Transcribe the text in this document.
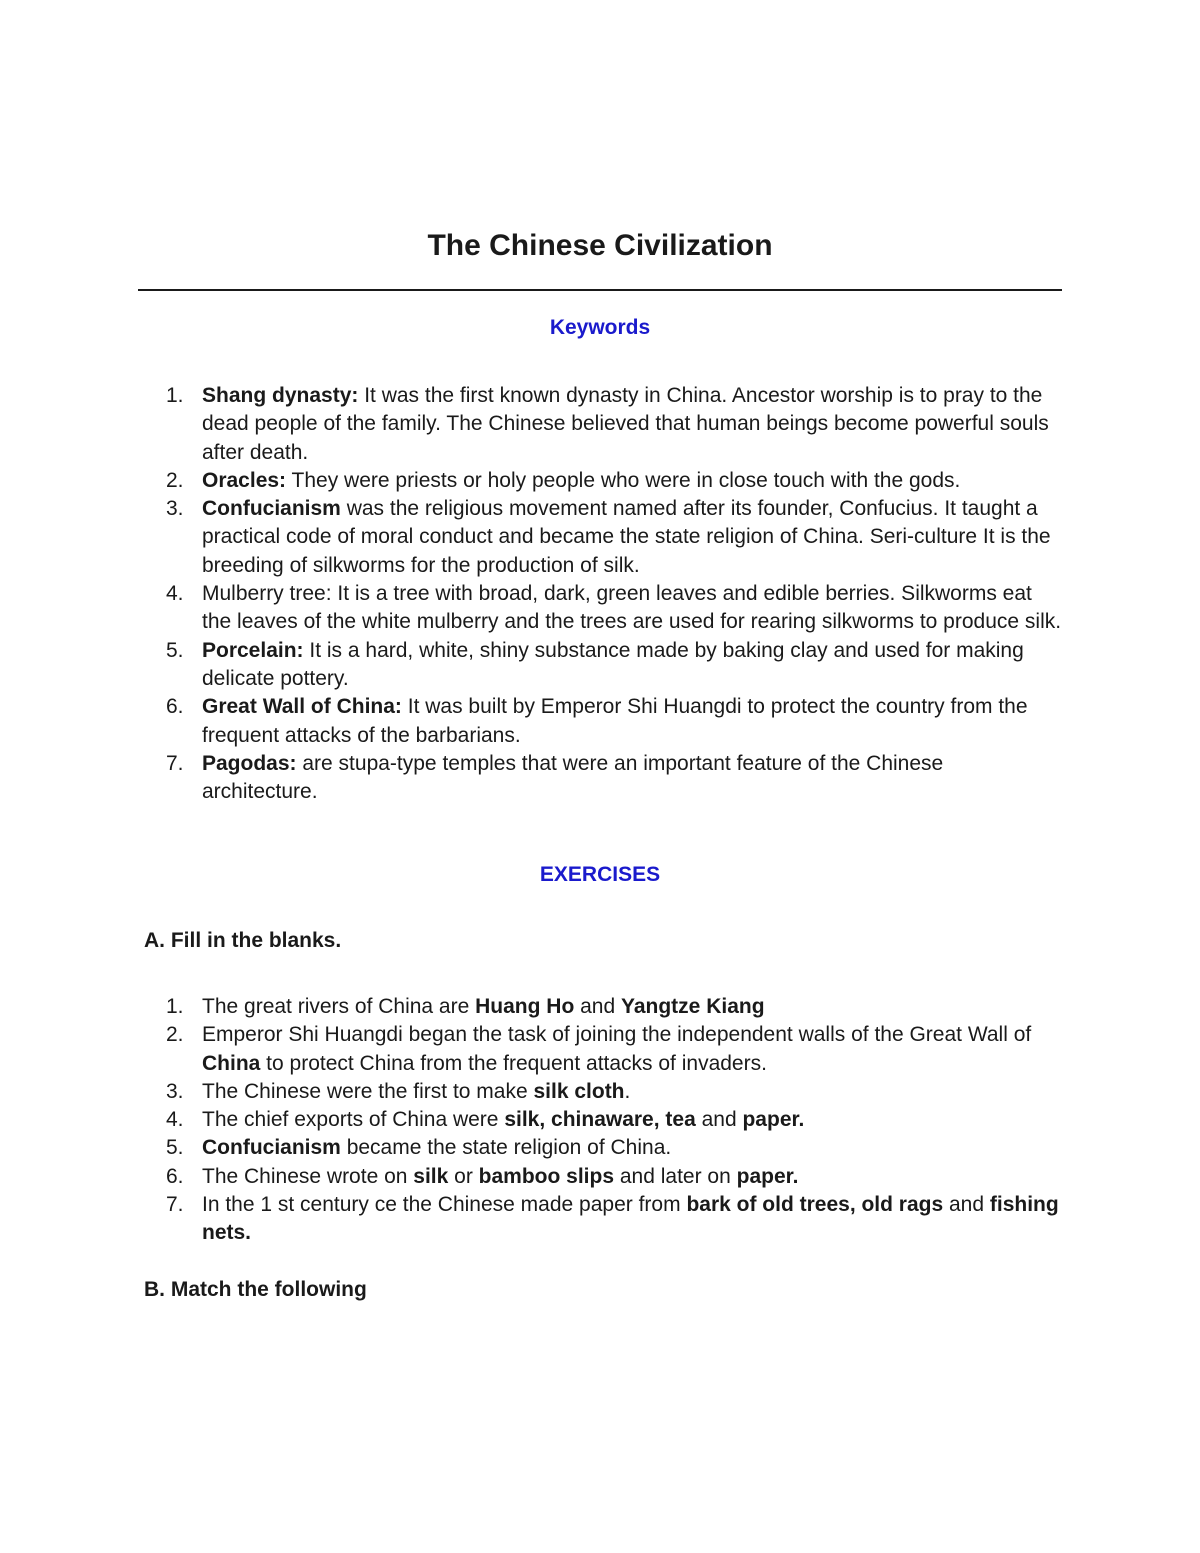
The Chinese Civilization
Keywords
1. Shang dynasty: It was the first known dynasty in China. Ancestor worship is to pray to the dead people of the family. The Chinese believed that human beings become powerful souls after death.
2. Oracles: They were priests or holy people who were in close touch with the gods.
3. Confucianism was the religious movement named after its founder, Confucius. It taught a practical code of moral conduct and became the state religion of China. Seri-culture It is the breeding of silkworms for the production of silk.
4. Mulberry tree: It is a tree with broad, dark, green leaves and edible berries. Silkworms eat the leaves of the white mulberry and the trees are used for rearing silkworms to produce silk.
5. Porcelain: It is a hard, white, shiny substance made by baking clay and used for making delicate pottery.
6. Great Wall of China: It was built by Emperor Shi Huangdi to protect the country from the frequent attacks of the barbarians.
7. Pagodas: are stupa-type temples that were an important feature of the Chinese architecture.
EXERCISES
A. Fill in the blanks.
1. The great rivers of China are Huang Ho and Yangtze Kiang
2. Emperor Shi Huangdi began the task of joining the independent walls of the Great Wall of China to protect China from the frequent attacks of invaders.
3. The Chinese were the first to make silk cloth.
4. The chief exports of China were silk, chinaware, tea and paper.
5. Confucianism became the state religion of China.
6. The Chinese wrote on silk or bamboo slips and later on paper.
7. In the 1 st century ce the Chinese made paper from bark of old trees, old rags and fishing nets.
B. Match the following
